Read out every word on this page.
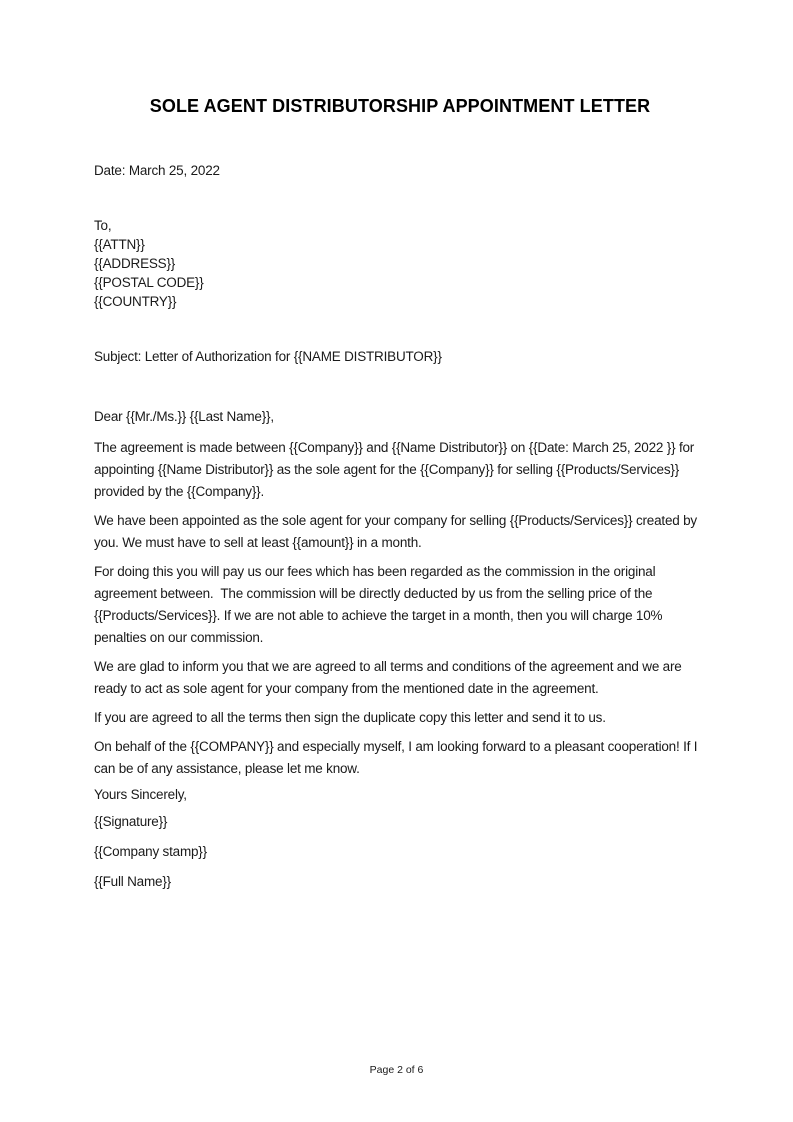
SOLE AGENT DISTRIBUTORSHIP APPOINTMENT LETTER
Date: March 25, 2022
To,
{{ATTN}}
{{ADDRESS}}
{{POSTAL CODE}}
{{COUNTRY}}
Subject: Letter of Authorization for {{NAME DISTRIBUTOR}}
Dear {{Mr./Ms.}} {{Last Name}},

The agreement is made between {{Company}} and {{Name Distributor}} on {{Date: March 25, 2022 }} for appointing {{Name Distributor}} as the sole agent for the {{Company}} for selling {{Products/Services}} provided by the {{Company}}.

We have been appointed as the sole agent for your company for selling {{Products/Services}} created by you. We must have to sell at least {{amount}} in a month.

For doing this you will pay us our fees which has been regarded as the commission in the original agreement between.  The commission will be directly deducted by us from the selling price of the {{Products/Services}}. If we are not able to achieve the target in a month, then you will charge 10% penalties on our commission.

We are glad to inform you that we are agreed to all terms and conditions of the agreement and we are ready to act as sole agent for your company from the mentioned date in the agreement.

If you are agreed to all the terms then sign the duplicate copy this letter and send it to us.

On behalf of the {{COMPANY}} and especially myself, I am looking forward to a pleasant cooperation! If I can be of any assistance, please let me know.

Yours Sincerely,
{{Signature}}
{{Company stamp}}
{{Full Name}}
Page 2 of 6
